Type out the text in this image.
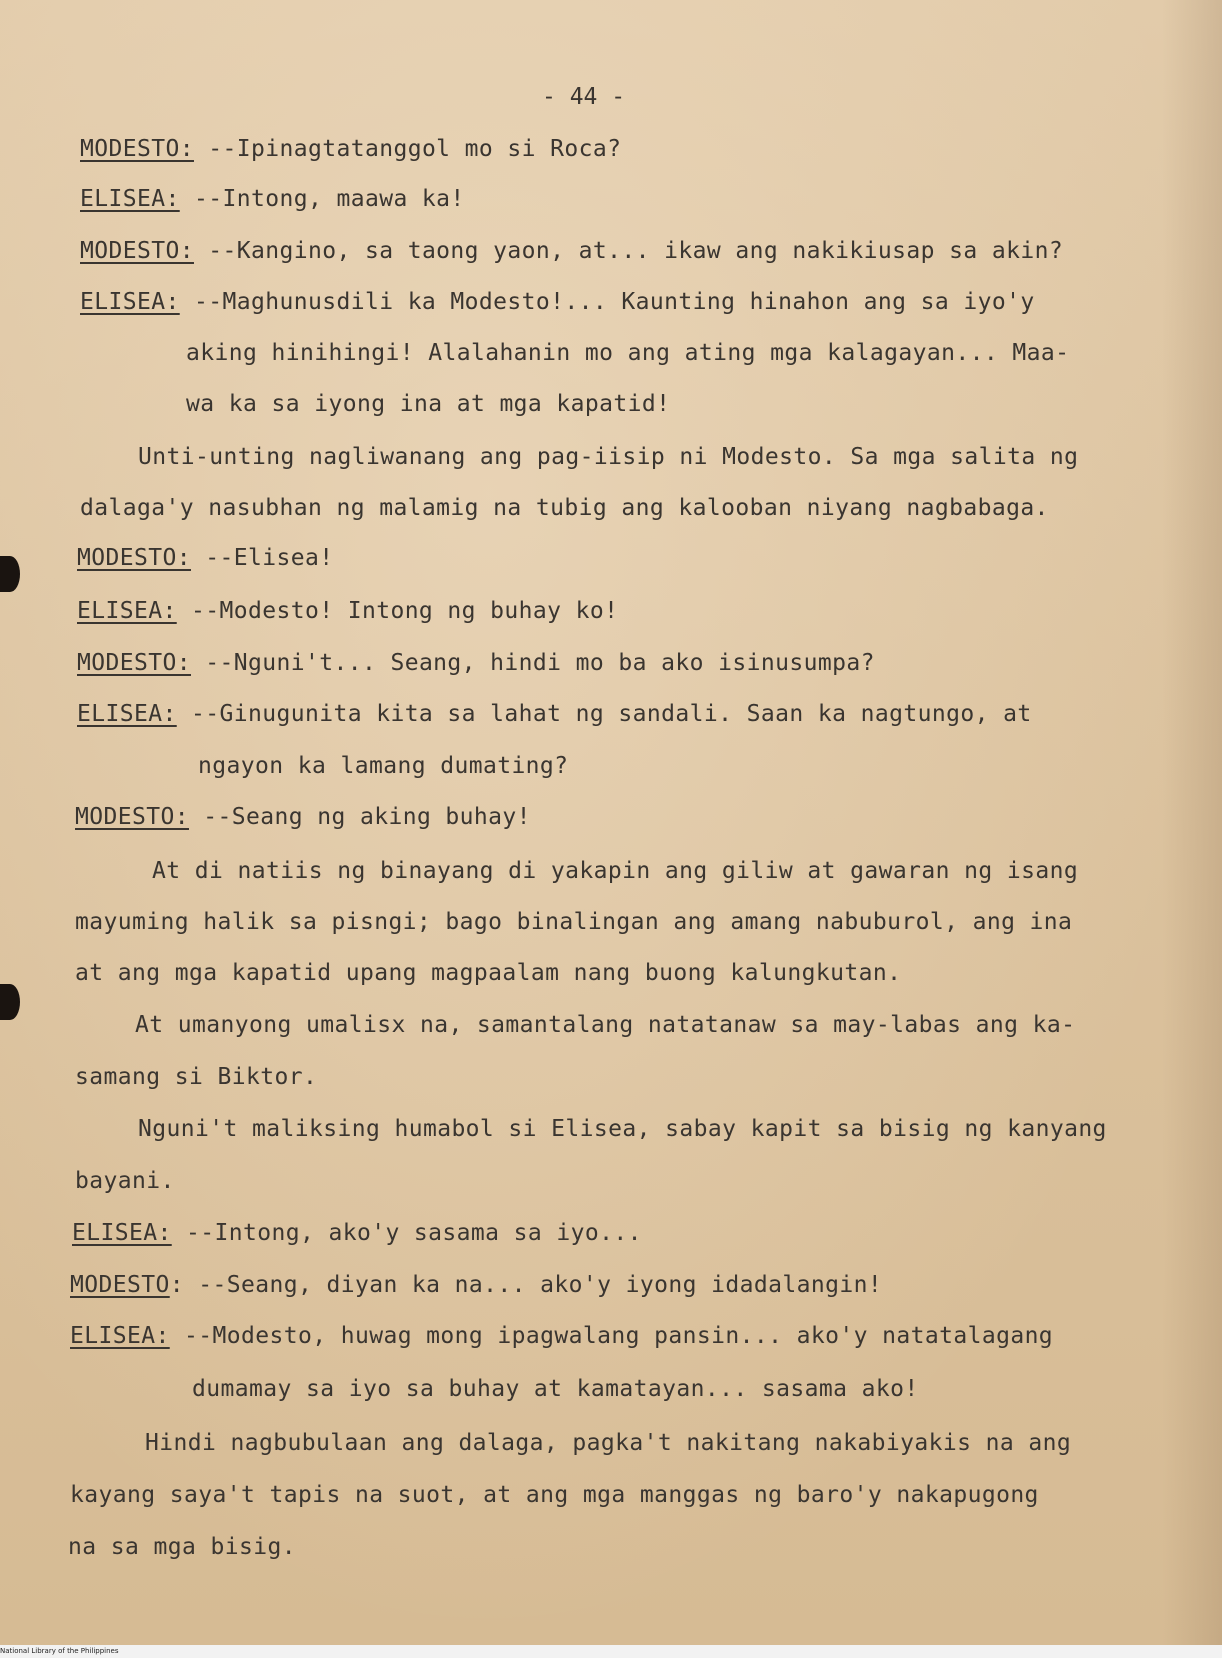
- 44 -
MODESTO: --Ipinagtatanggol mo si Roca?
ELISEA: --Intong, maawa ka!
MODESTO: --Kangino, sa taong yaon, at... ikaw ang nakikiusap sa akin?
ELISEA: --Maghunusdili ka Modesto!... Kaunting hinahon ang sa iyo'y
aking hinihingi! Alalahanin mo ang ating mga kalagayan... Maa-
wa ka sa iyong ina at mga kapatid!
Unti-unting nagliwanang ang pag-iisip ni Modesto. Sa mga salita ng
dalaga'y nasubhan ng malamig na tubig ang kalooban niyang nagbabaga.
MODESTO: --Elisea!
ELISEA: --Modesto! Intong ng buhay ko!
MODESTO: --Nguni't... Seang, hindi mo ba ako isinusumpa?
ELISEA: --Ginugunita kita sa lahat ng sandali. Saan ka nagtungo, at
ngayon ka lamang dumating?
MODESTO: --Seang ng aking buhay!
At di natiis ng binayang di yakapin ang giliw at gawaran ng isang
mayuming halik sa pisngi; bago binalingan ang amang nabuburol, ang ina
at ang mga kapatid upang magpaalam nang buong kalungkutan.
At umanyong umalisx na, samantalang natatanaw sa may-labas ang ka-
samang si Biktor.
Nguni't maliksing humabol si Elisea, sabay kapit sa bisig ng kanyang
bayani.
ELISEA: --Intong, ako'y sasama sa iyo...
MODESTO: --Seang, diyan ka na... ako'y iyong idadalangin!
ELISEA: --Modesto, huwag mong ipagwalang pansin... ako'y natatalagang
dumamay sa iyo sa buhay at kamatayan... sasama ako!
Hindi nagbubulaan ang dalaga, pagka't nakitang nakabiyakis na ang
kayang saya't tapis na suot, at ang mga manggas ng baro'y nakapugong
na sa mga bisig.
National Library of the Philippines
